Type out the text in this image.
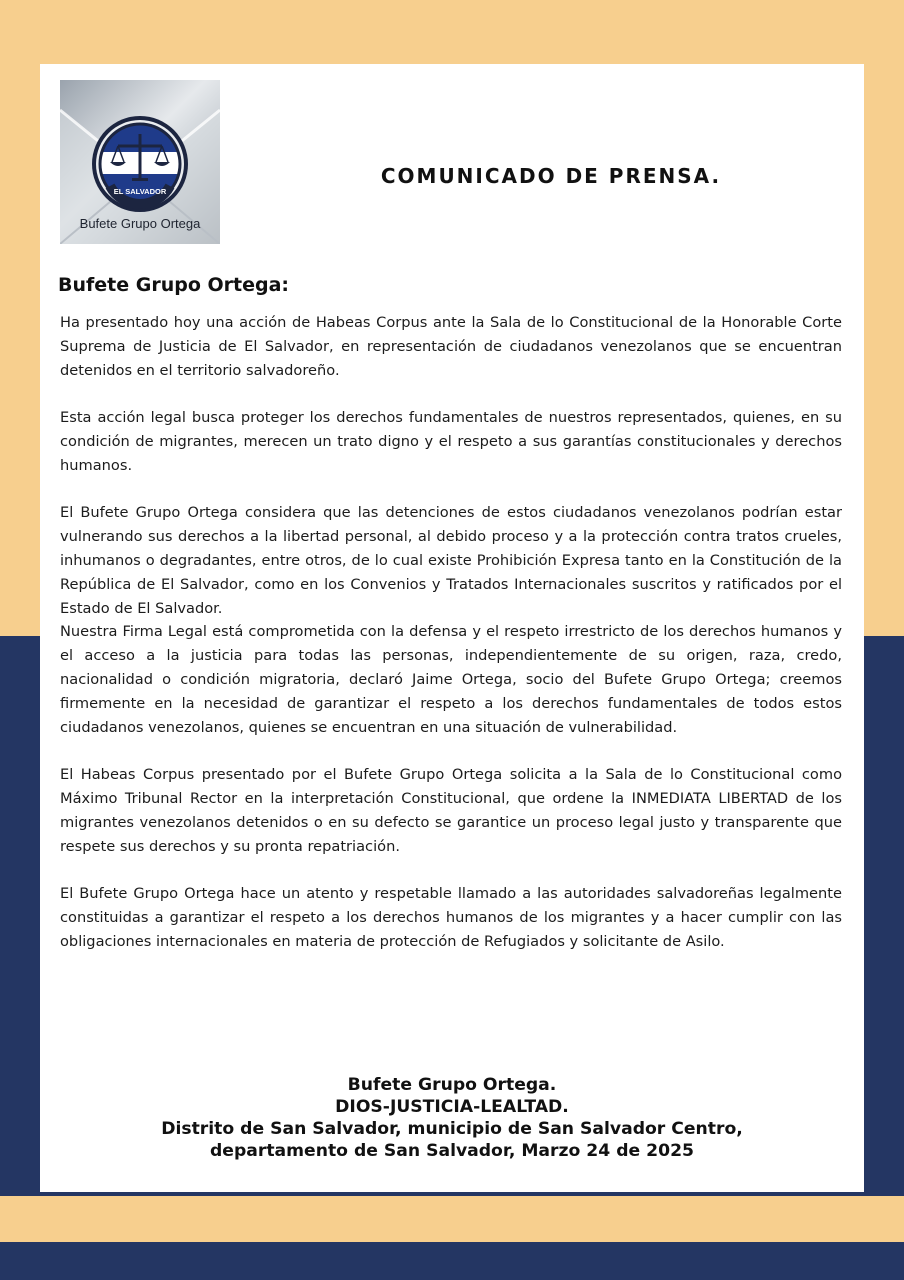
EL SALVADOR
Bufete Grupo Ortega
COMUNICADO DE PRENSA.
Bufete Grupo Ortega:

Ha presentado hoy una acción de Habeas Corpus ante la Sala de lo Constitucional de la Honorable Corte Suprema de Justicia de El Salvador, en representación de ciudadanos venezolanos que se encuentran detenidos en el territorio salvadoreño.

Esta acción legal busca proteger los derechos fundamentales de nuestros representados, quienes, en su condición de migrantes, merecen un trato digno y el respeto a sus garantías constitucionales y derechos humanos.

El Bufete Grupo Ortega considera que las detenciones de estos ciudadanos venezolanos podrían estar vulnerando sus derechos a la libertad personal, al debido proceso y a la protección contra tratos crueles, inhumanos o degradantes, entre otros, de lo cual existe Prohibición Expresa tanto en la Constitución de la República de El Salvador, como en los Convenios y Tratados Internacionales suscritos y ratificados por el Estado de El Salvador.

Nuestra Firma Legal está comprometida con la defensa y el respeto irrestricto de los derechos humanos y el acceso a la justicia para todas las personas, independientemente de su origen, raza, credo, nacionalidad o condición migratoria, declaró Jaime Ortega, socio del Bufete Grupo Ortega; creemos firmemente en la necesidad de garantizar el respeto a los derechos fundamentales de todos estos ciudadanos venezolanos, quienes se encuentran en una situación de vulnerabilidad.

El Habeas Corpus presentado por el Bufete Grupo Ortega solicita a la Sala de lo Constitucional como Máximo Tribunal Rector en la interpretación Constitucional, que ordene la INMEDIATA LIBERTAD de los migrantes venezolanos detenidos o en su defecto se garantice un proceso legal justo y transparente que respete sus derechos y su pronta repatriación.

El Bufete Grupo Ortega hace un atento y respetable llamado a las autoridades salvadoreñas legalmente constituidas a garantizar el respeto a los derechos humanos de los migrantes y a hacer cumplir con las obligaciones internacionales en materia de protección de Refugiados y solicitante de Asilo.

Bufete Grupo Ortega.
DIOS-JUSTICIA-LEALTAD.
Distrito de San Salvador, municipio de San Salvador Centro,
departamento de San Salvador, Marzo 24 de 2025
